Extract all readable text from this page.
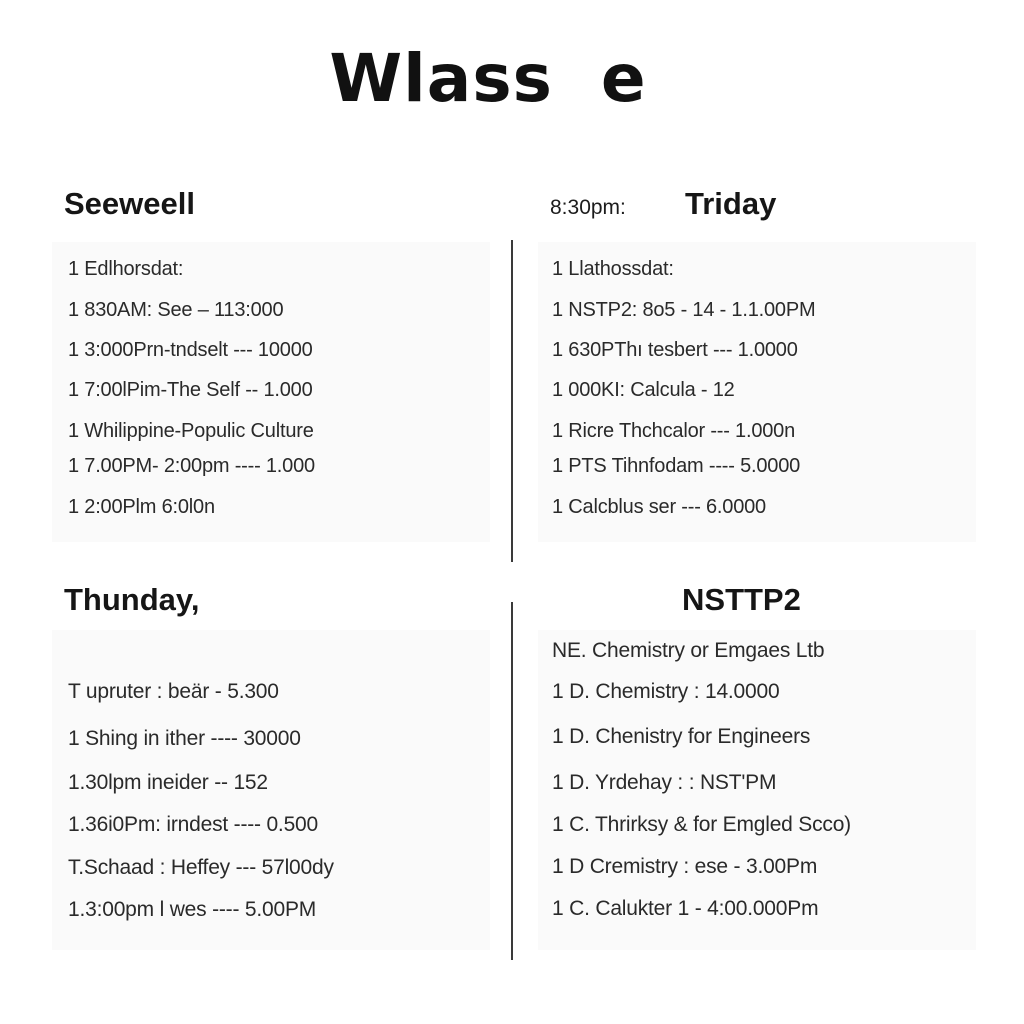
Wlass  e
Seeweell
1 Edlhorsdat:
1 830AM: See – 113:000
1 3:000Prn-tndselt --- 10000
1 7:00lPim-The Self -- 1.000
1 Whilippine-Populic Culture
1 7.00PM- 2:00pm ---- 1.000
1 2:00Plm 6:0l0n
8:30pm: Triday
1 Llathossdat:
1 NSTP2: 8o5 - 14 - 1.1.00PM
1 630PThı tesbert --- 1.0000
1 000KI: Calcula - 12
1 Ricre Thchcalor --- 1.000n
1 PTS Tihnfodam ---- 5.0000
1 Calcblus ser --- 6.0000
Thunday,
T upruter : beär - 5.300
1 Shing in ither ---- 30000
1.30lpm ineider -- 152
1.36i0Pm: irndest ---- 0.500
T.Schaad : Heffey --- 57l00dy
1.3:00pm l wes ---- 5.00PM
NSTTP2
NE. Chemistry or Emgaes Ltb
1 D. Chemistry : 14.0000
1 D. Chenistry for Engineers
1 D. Yrdehay : : NST'PM
1 C. Thrirksy & for Emgled Scco)
1 D Cremistry : ese - 3.00Pm
1 C. Calukter 1 - 4:00.000Pm
